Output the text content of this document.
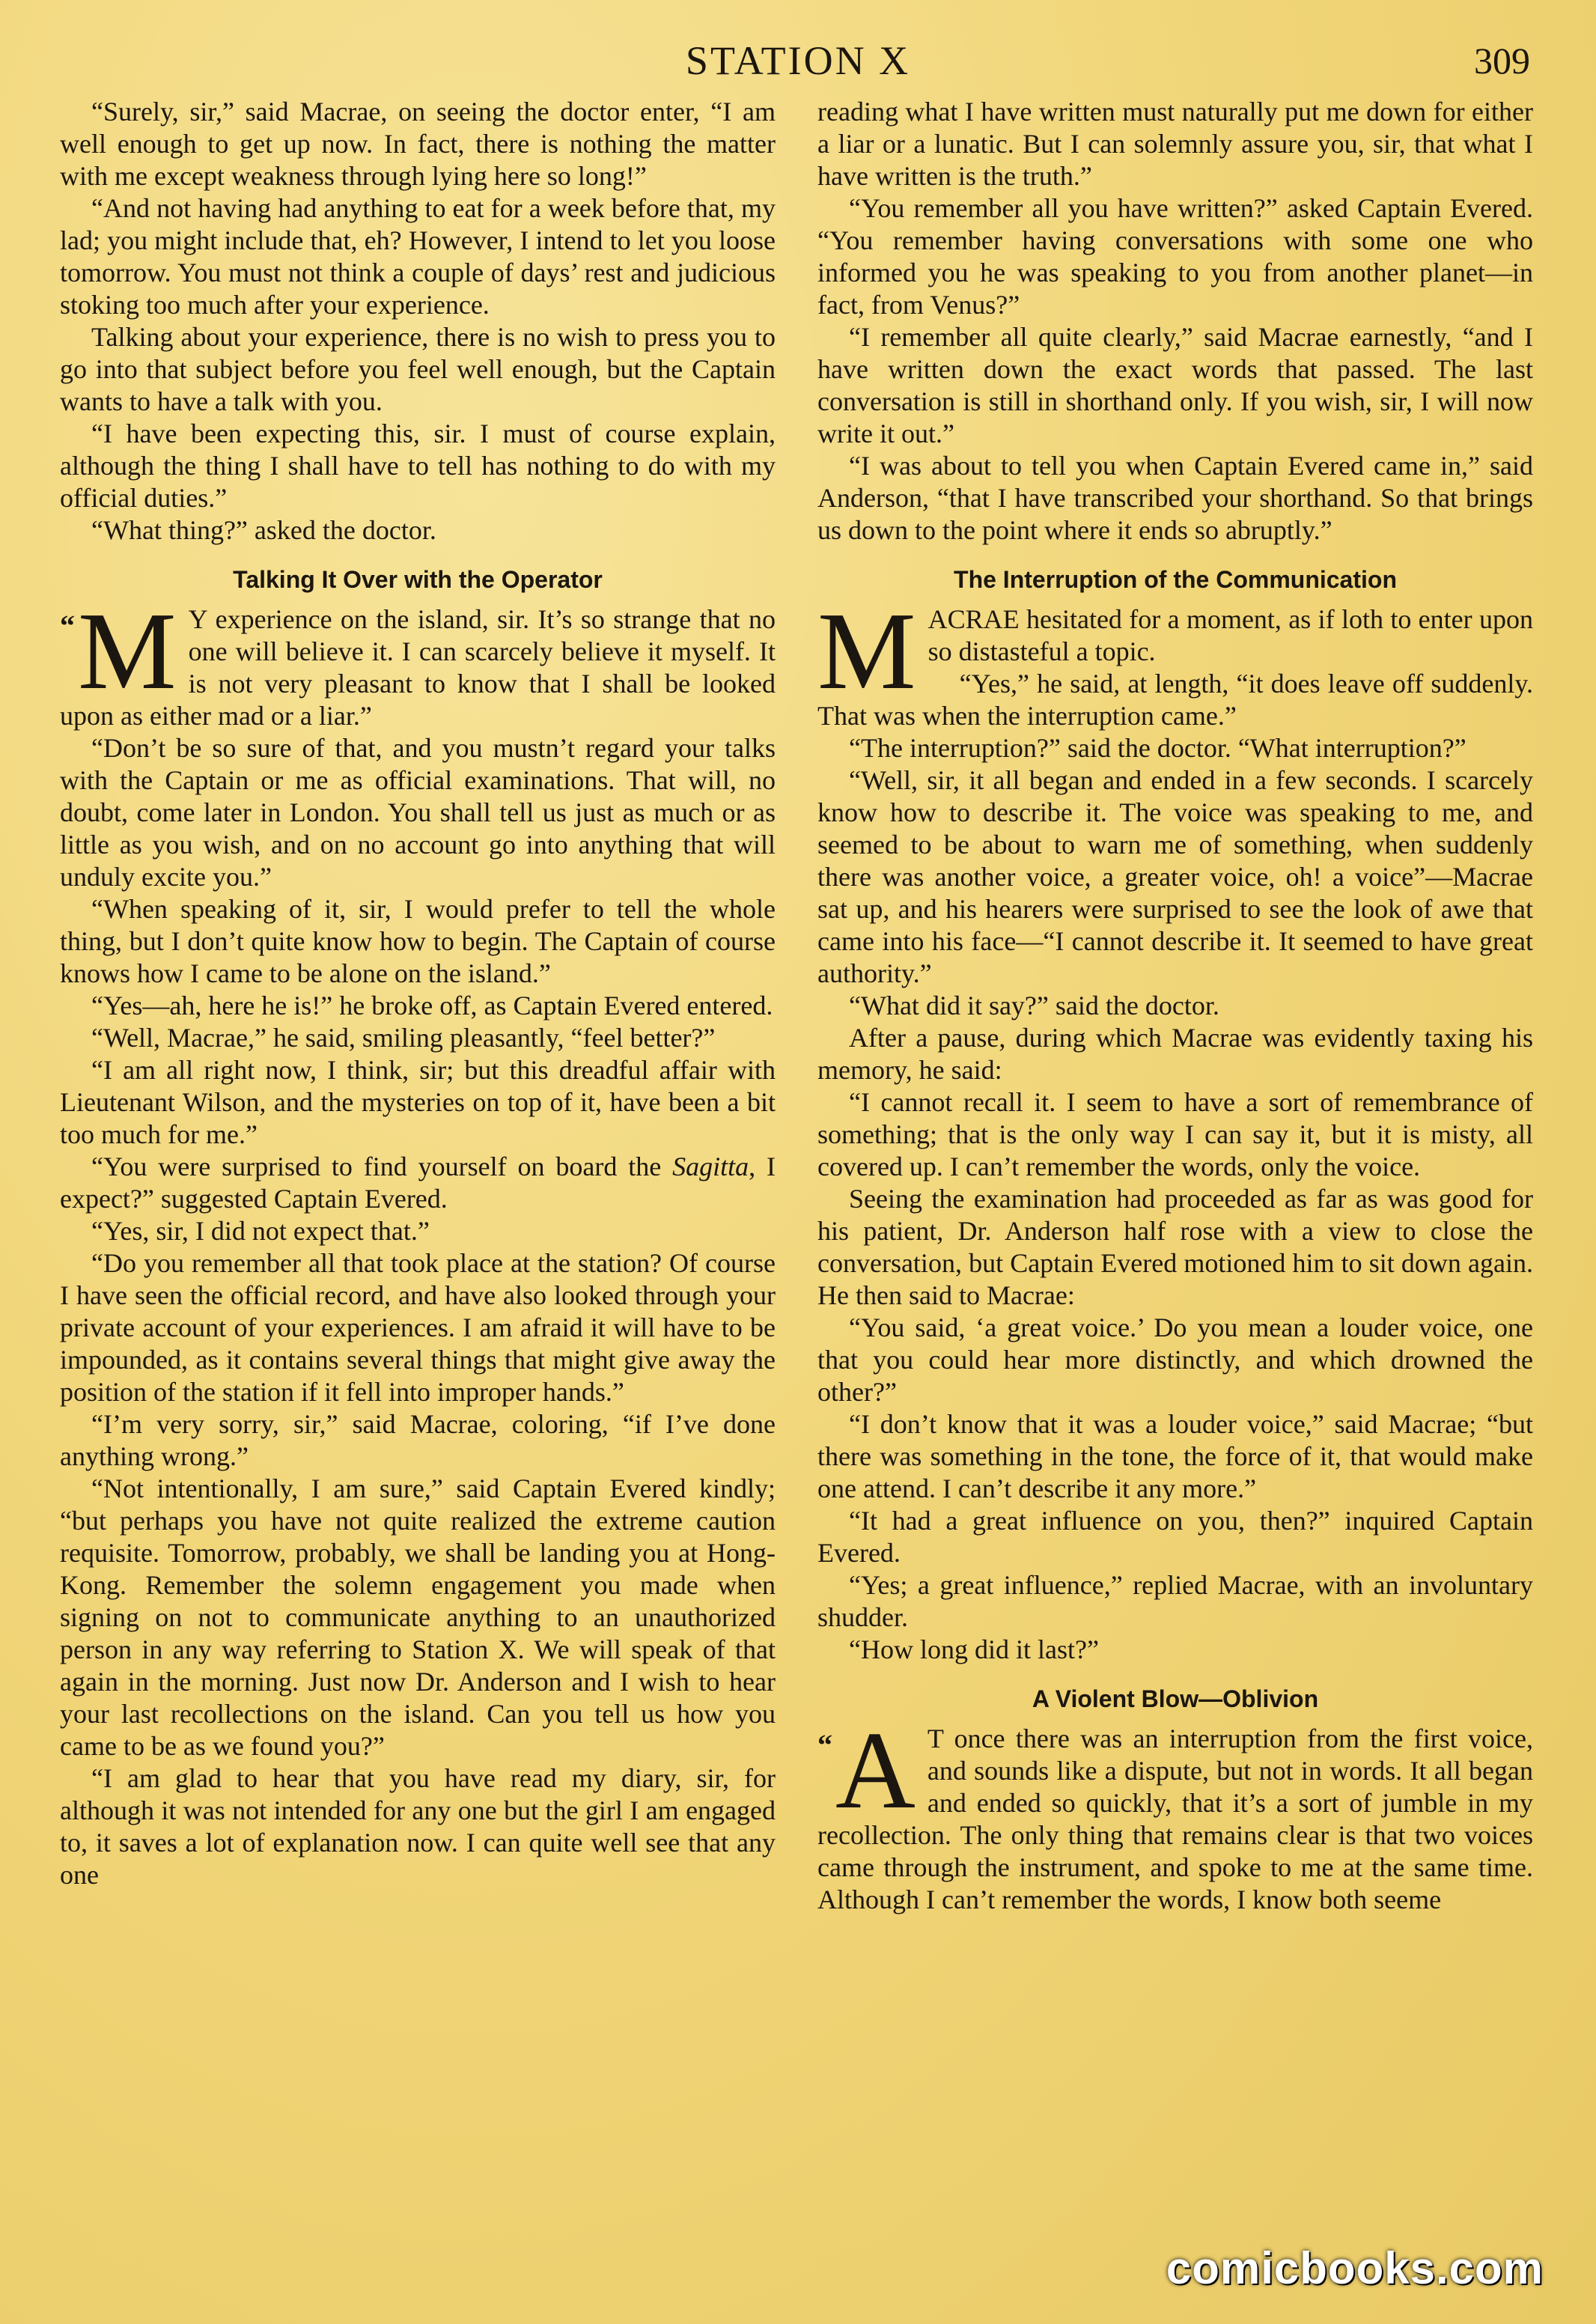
STATION X	309

“Surely, sir,” said Macrae, on seeing the doctor enter, “I am well enough to get up now. In fact, there is nothing the matter with me except weakness through lying here so long!”

“And not having had anything to eat for a week before that, my lad; you might include that, eh? However, I intend to let you loose tomorrow. You must not think a couple of days’ rest and judicious stoking too much after your experience.

Talking about your experience, there is no wish to press you to go into that subject before you feel well enough, but the Captain wants to have a talk with you.

“I have been expecting this, sir. I must of course explain, although the thing I shall have to tell has nothing to do with my official duties.”

“What thing?” asked the doctor.

Talking It Over with the Operator

“ M Y experience on the island, sir. It’s so strange that no one will believe it. I can scarcely believe it myself. It is not very pleasant to know that I shall be looked upon as either mad or a liar.”

“Don’t be so sure of that, and you mustn’t regard your talks with the Captain or me as official examinations. That will, no doubt, come later in London. You shall tell us just as much or as little as you wish, and on no account go into anything that will unduly excite you.”

“When speaking of it, sir, I would prefer to tell the whole thing, but I don’t quite know how to begin. The Captain of course knows how I came to be alone on the island.”

“Yes—ah, here he is!” he broke off, as Captain Evered entered.

“Well, Macrae,” he said, smiling pleasantly, “feel better?”

“I am all right now, I think, sir; but this dreadful affair with Lieutenant Wilson, and the mysteries on top of it, have been a bit too much for me.”

“You were surprised to find yourself on board the Sagitta, I expect?” suggested Captain Evered.

“Yes, sir, I did not expect that.”

“Do you remember all that took place at the station? Of course I have seen the official record, and have also looked through your private account of your experiences. I am afraid it will have to be impounded, as it contains several things that might give away the position of the station if it fell into improper hands.”

“I’m very sorry, sir,” said Macrae, coloring, “if I’ve done anything wrong.”

“Not intentionally, I am sure,” said Captain Evered kindly; “but perhaps you have not quite realized the extreme caution requisite. Tomorrow, probably, we shall be landing you at Hong-Kong. Remember the solemn engagement you made when signing on not to communicate anything to an unauthorized person in any way referring to Station X. We will speak of that again in the morning. Just now Dr. Anderson and I wish to hear your last recollections on the island. Can you tell us how you came to be as we found you?”

“I am glad to hear that you have read my diary, sir, for although it was not intended for any one but the girl I am engaged to, it saves a lot of explanation now. I can quite well see that any one

reading what I have written must naturally put me down for either a liar or a lunatic. But I can solemnly assure you, sir, that what I have written is the truth.”

“You remember all you have written?” asked Captain Evered. “You remember having conversations with some one who informed you he was speaking to you from another planet—in fact, from Venus?”

“I remember all quite clearly,” said Macrae earnestly, “and I have written down the exact words that passed. The last conversation is still in shorthand only. If you wish, sir, I will now write it out.”

“I was about to tell you when Captain Evered came in,” said Anderson, “that I have transcribed your shorthand. So that brings us down to the point where it ends so abruptly.”

The Interruption of the Communication

MACRAE hesitated for a moment, as if loth to enter upon so distasteful a topic.

“Yes,” he said, at length, “it does leave off suddenly. That was when the interruption came.”

“The interruption?” said the doctor. “What interruption?”

“Well, sir, it all began and ended in a few seconds. I scarcely know how to describe it. The voice was speaking to me, and seemed to be about to warn me of something, when suddenly there was another voice, a greater voice, oh! a voice”—Macrae sat up, and his hearers were surprised to see the look of awe that came into his face—“I cannot describe it. It seemed to have great authority.”

“What did it say?” said the doctor.

After a pause, during which Macrae was evidently taxing his memory, he said:

“I cannot recall it. I seem to have a sort of remembrance of something; that is the only way I can say it, but it is misty, all covered up. I can’t remember the words, only the voice.

Seeing the examination had proceeded as far as was good for his patient, Dr. Anderson half rose with a view to close the conversation, but Captain Evered motioned him to sit down again. He then said to Macrae:

“You said, ‘a great voice.’ Do you mean a louder voice, one that you could hear more distinctly, and which drowned the other?”

“I don’t know that it was a louder voice,” said Macrae; “but there was something in the tone, the force of it, that would make one attend. I can’t describe it any more.”

“It had a great influence on you, then?” inquired Captain Evered.

“Yes; a great influence,” replied Macrae, with an involuntary shudder.

“How long did it last?”

A Violent Blow—Oblivion

“ A T once there was an interruption from the first voice, and sounds like a dispute, but not in words. It all began and ended so quickly, that it’s a sort of jumble in my recollection. The only thing that remains clear is that two voices came through the instrument, and spoke to me at the same time. Although I can’t remember the words, I know both seeme

comicbooks.com
